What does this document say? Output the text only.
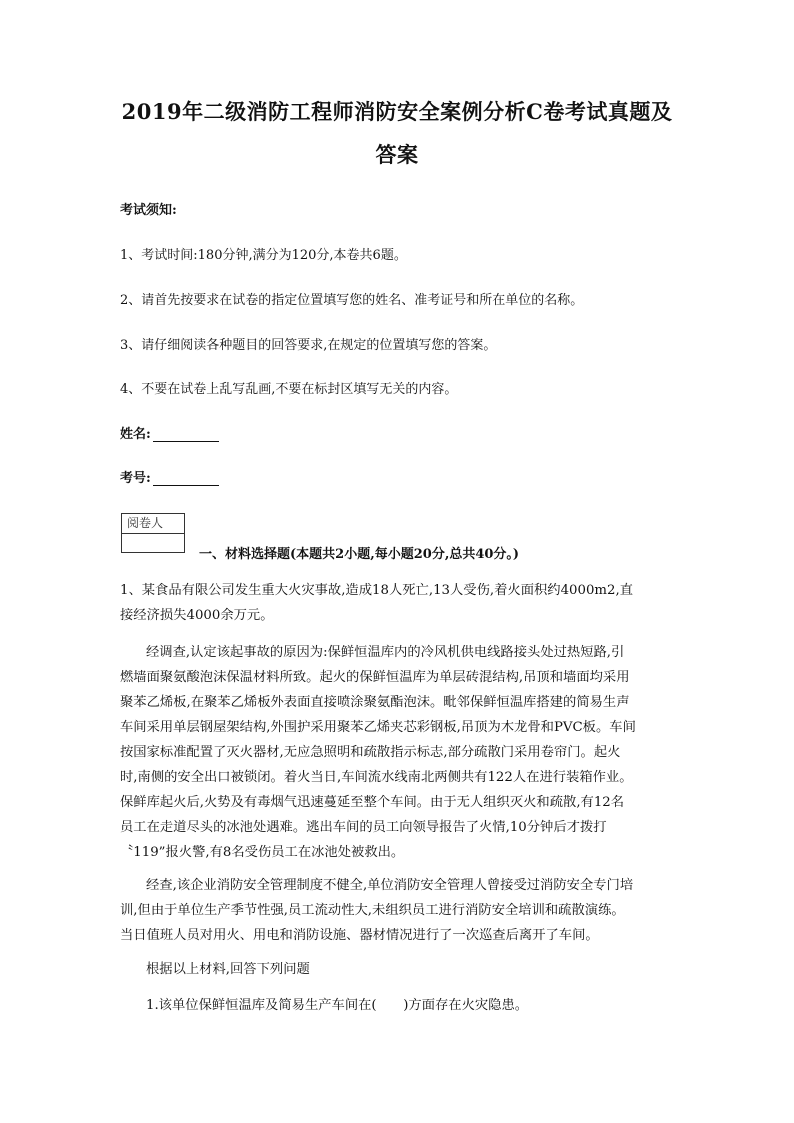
2019年二级消防工程师消防安全案例分析C卷考试真题及
答案
考试须知:
1、考试时间:180分钟,满分为120分,本卷共6题。
2、请首先按要求在试卷的指定位置填写您的姓名、准考证号和所在单位的名称。
3、请仔细阅读各种题目的回答要求,在规定的位置填写您的答案。
4、不要在试卷上乱写乱画,不要在标封区填写无关的内容。
姓名:
考号:
阅卷人
一、材料选择题(本题共2小题,每小题20分,总共40分。)
1、某食品有限公司发生重大火灾事故,造成18人死亡,13人受伤,着火面积约4000m2,直
接经济损失4000余万元。
经调查,认定该起事故的原因为:保鲜恒温库内的冷风机供电线路接头处过热短路,引
燃墙面聚氨酸泡沫保温材料所致。起火的保鲜恒温库为单层砖混结构,吊顶和墙面均采用
聚苯乙烯板,在聚苯乙烯板外表面直接喷涂聚氨酯泡沫。毗邻保鲜恒温库搭建的简易生声
车间采用单层钢屋架结构,外围护采用聚苯乙烯夹芯彩钢板,吊顶为木龙骨和PVC板。车间
按国家标准配置了灭火器材,无应急照明和疏散指示标志,部分疏散门采用卷帘门。起火
时,南侧的安全出口被锁闭。着火当日,车间流水线南北两侧共有122人在进行装箱作业。
保鲜库起火后,火势及有毒烟气迅速蔓延至整个车间。由于无人组织灭火和疏散,有12名
员工在走道尽头的冰池处遇难。逃出车间的员工向领导报告了火情,10分钟后才拨打
〝119”报火警,有8名受伤员工在冰池处被救出。
经查,该企业消防安全管理制度不健全,单位消防安全管理人曾接受过消防安全专门培
训,但由于单位生产季节性强,员工流动性大,未组织员工进行消防安全培训和疏散演练。
当日值班人员对用火、用电和消防设施、器材情况进行了一次巡查后离开了车间。
根据以上材料,回答下列问题
1.该单位保鲜恒温库及简易生产车间在(　　)方面存在火灾隐患。
